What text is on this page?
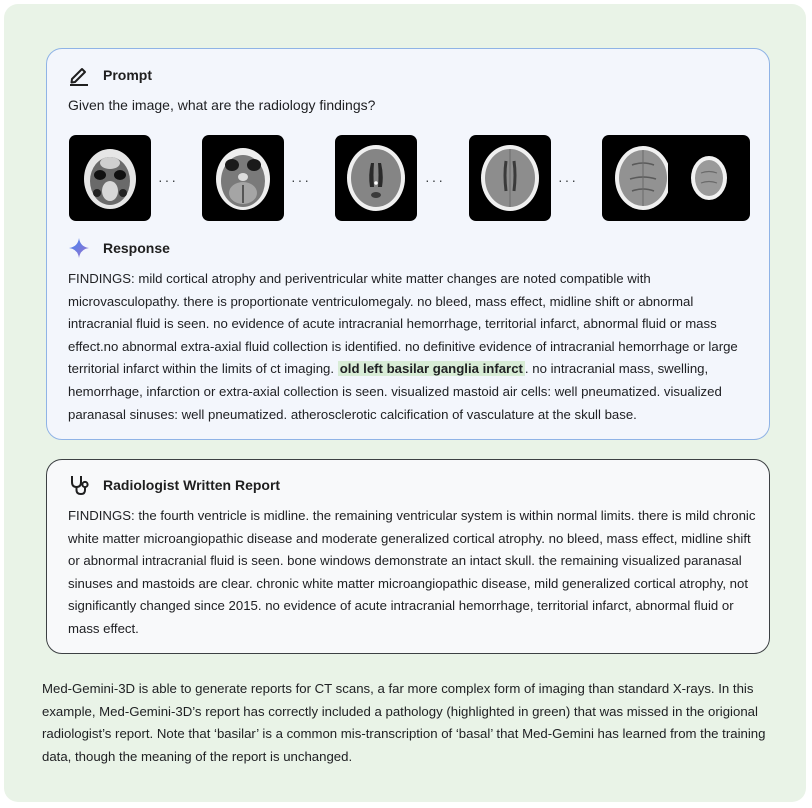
Prompt
Given the image, what are the radiology findings?
···	···	···	···
Response
FINDINGS: mild cortical atrophy and periventricular white matter changes are noted compatible with microvasculopathy. there is proportionate ventriculomegaly. no bleed, mass effect, midline shift or abnormal intracranial fluid is seen. no evidence of acute intracranial hemorrhage, territorial infarct, abnormal fluid or mass effect.no abnormal extra-axial fluid collection is identified. no definitive evidence of intracranial hemorrhage or large territorial infarct within the limits of ct imaging. old left basilar ganglia infarct . no intracranial mass, swelling, hemorrhage, infarction or extra-axial collection is seen. visualized mastoid air cells: well pneumatized. visualized paranasal sinuses: well pneumatized. atherosclerotic calcification of vasculature at the skull base.
Radiologist Written Report
FINDINGS: the fourth ventricle is midline. the remaining ventricular system is within normal limits. there is mild chronic white matter microangiopathic disease and moderate generalized cortical atrophy. no bleed, mass effect, midline shift or abnormal intracranial fluid is seen. bone windows demonstrate an intact skull. the remaining visualized paranasal sinuses and mastoids are clear. chronic white matter microangiopathic disease, mild generalized cortical atrophy, not significantly changed since 2015. no evidence of acute intracranial hemorrhage, territorial infarct, abnormal fluid or mass effect.
Med-Gemini-3D is able to generate reports for CT scans, a far more complex form of imaging than standard X-rays. In this example, Med-Gemini-3D’s report has correctly included a pathology (highlighted in green) that was missed in the origional radiologist’s report. Note that ‘basilar’ is a common mis-transcription of ‘basal’ that Med-Gemini has learned from the training data, though the meaning of the report is unchanged.
